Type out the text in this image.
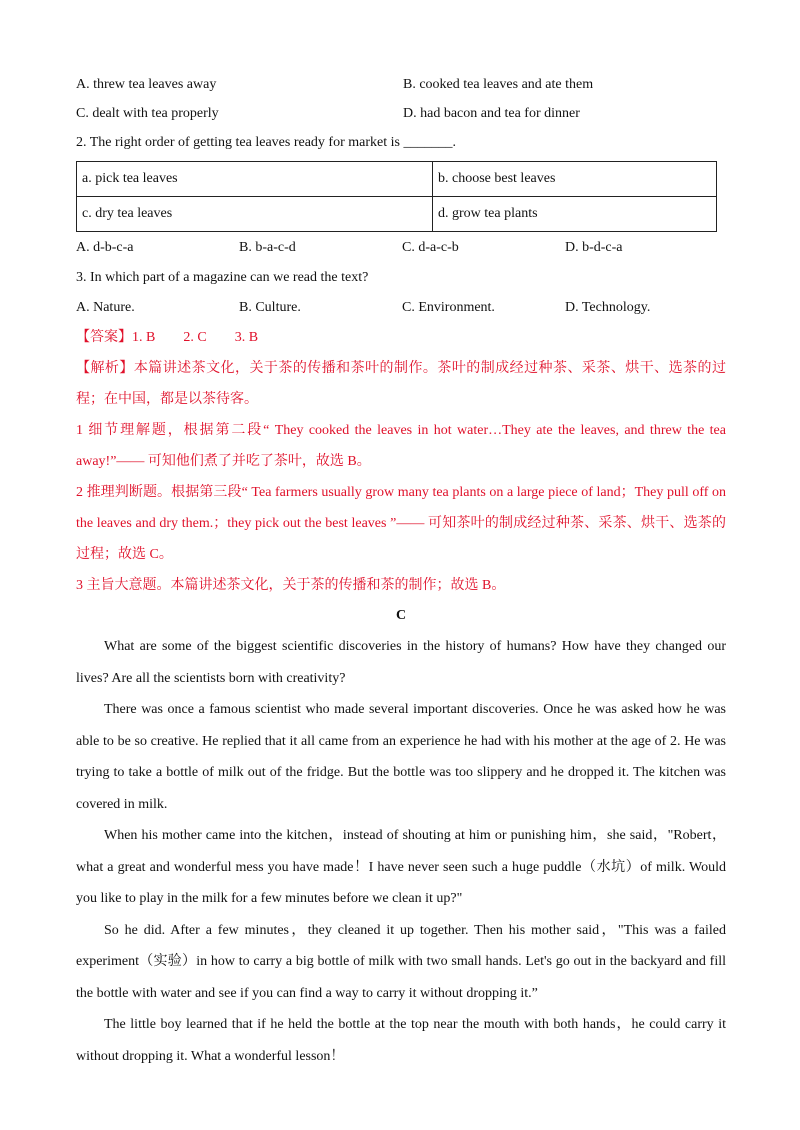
A. threw tea leaves away	B. cooked tea leaves and ate them
C. dealt with tea properly	D. had bacon and tea for dinner
2. The right order of getting tea leaves ready for market is _______.
a. pick tea leaves	b. choose best leaves
c. dry tea leaves	d. grow tea plants
A. d-b-c-a	B. b-a-c-d	C. d-a-c-b	D. b-d-c-a
3. In which part of a magazine can we read the text?
A. Nature.	B. Culture.	C. Environment.	D. Technology.
【答案】1. B 2. C 3. B

【解析】本篇讲述茶文化，关于茶的传播和茶叶的制作。茶叶的制成经过种茶、采茶、烘干、选茶的过程；在中国，都是以茶待客。

1 细节理解题，根据第二段“ They cooked the leaves in hot water…They ate the leaves, and threw the tea away!”—— 可知他们煮了并吃了茶叶，故选 B。

2 推理判断题。根据第三段“ Tea farmers usually grow many tea plants on a large piece of land；They pull off on the leaves and dry them.；they pick out the best leaves ”—— 可知茶叶的制成经过种茶、采茶、烘干、选茶的过程；故选 C。

3 主旨大意题。本篇讲述茶文化，关于茶的传播和茶的制作；故选 B。

C

What are some of the biggest scientific discoveries in the history of humans? How have they changed our lives? Are all the scientists born with creativity?

There was once a famous scientist who made several important discoveries. Once he was asked how he was able to be so creative. He replied that it all came from an experience he had with his mother at the age of 2. He was trying to take a bottle of milk out of the fridge. But the bottle was too slippery and he dropped it. The kitchen was covered in milk.

When his mother came into the kitchen，instead of shouting at him or punishing him，she said，"Robert，what a great and wonderful mess you have made！I have never seen such a huge puddle（水坑）of milk. Would you like to play in the milk for a few minutes before we clean it up?"

So he did. After a few minutes，they cleaned it up together. Then his mother said，"This was a failed experiment（实验）in how to carry a big bottle of milk with two small hands. Let's go out in the backyard and fill the bottle with water and see if you can find a way to carry it without dropping it.”

The little boy learned that if he held the bottle at the top near the mouth with both hands，he could carry it without dropping it. What a wonderful lesson！
